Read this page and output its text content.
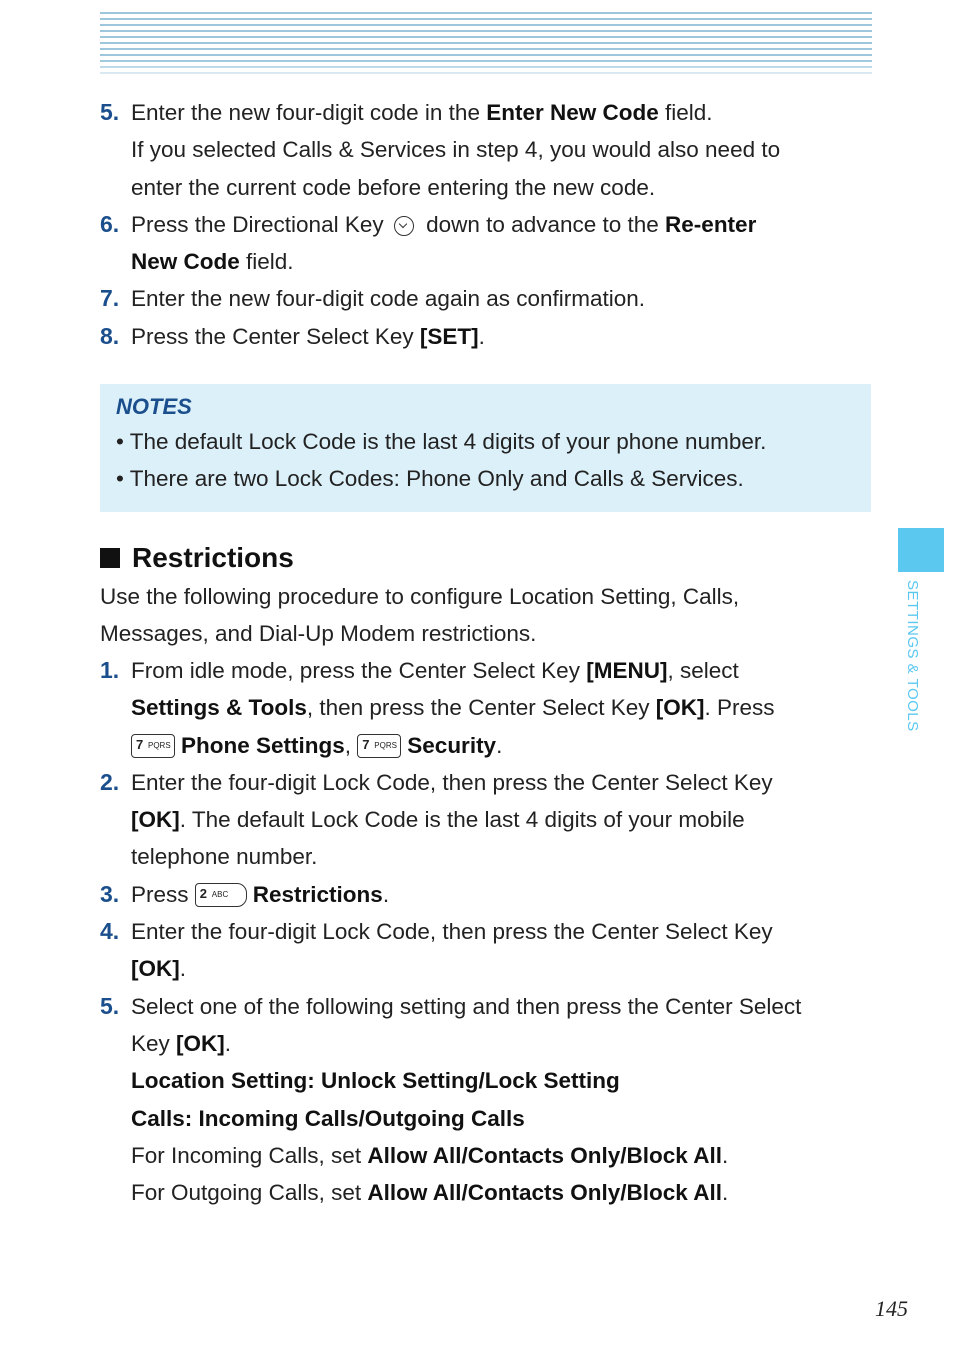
5. Enter the new four-digit code in the Enter New Code field.
If you selected Calls & Services in step 4, you would also need to
enter the current code before entering the new code.
6. Press the Directional Key  down to advance to the Re-enter
New Code field.
7. Enter the new four-digit code again as confirmation.
8. Press the Center Select Key [SET].
NOTES
• The default Lock Code is the last 4 digits of your phone number.
• There are two Lock Codes: Phone Only and Calls & Services.
Restrictions
Use the following procedure to configure Location Setting, Calls,
Messages, and Dial-Up Modem restrictions.
1. From idle mode, press the Center Select Key [MENU], select
Settings & Tools, then press the Center Select Key [OK]. Press
7 PQRS Phone Settings, 7 PQRS Security.
2. Enter the four-digit Lock Code, then press the Center Select Key
[OK]. The default Lock Code is the last 4 digits of your mobile
telephone number.
3. Press 2 ABC Restrictions.
4. Enter the four-digit Lock Code, then press the Center Select Key
[OK].
5. Select one of the following setting and then press the Center Select
Key [OK].
Location Setting: Unlock Setting/Lock Setting
Calls: Incoming Calls/Outgoing Calls
For Incoming Calls, set Allow All/Contacts Only/Block All.
For Outgoing Calls, set Allow All/Contacts Only/Block All.
SETTINGS & TOOLS
145
